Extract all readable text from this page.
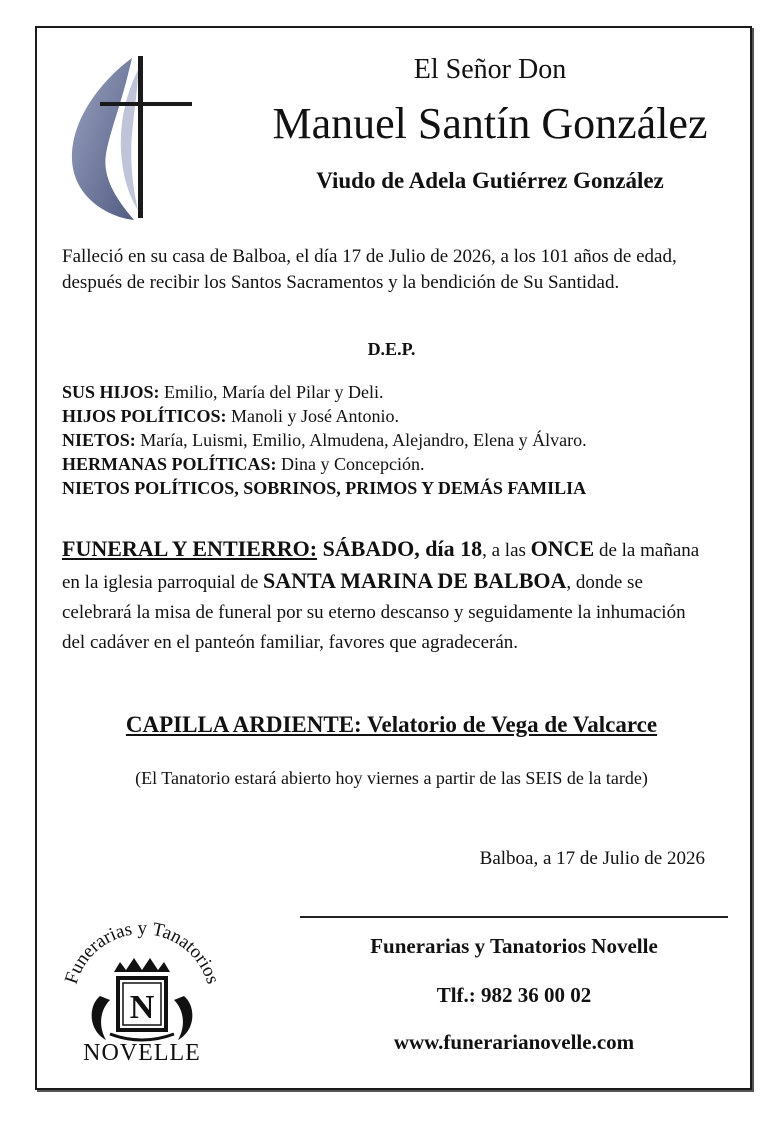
El Señor Don
Manuel Santín González
Viudo de Adela Gutiérrez González
Falleció en su casa de Balboa, el día 17 de Julio de 2026, a los 101 años de edad, después de recibir los Santos Sacramentos y la bendición de Su Santidad.
D.E.P.
SUS HIJOS: Emilio, María del Pilar y Deli.
HIJOS POLÍTICOS: Manoli y José Antonio.
NIETOS: María, Luismi, Emilio, Almudena, Alejandro, Elena y Álvaro.
HERMANAS POLÍTICAS: Dina y Concepción.
NIETOS POLÍTICOS, SOBRINOS, PRIMOS Y DEMÁS FAMILIA
FUNERAL Y ENTIERRO: SÁBADO, día 18, a las ONCE de la mañana en la iglesia parroquial de SANTA MARINA DE BALBOA, donde se celebrará la misa de funeral por su eterno descanso y seguidamente la inhumación del cadáver en el panteón familiar, favores que agradecerán.
CAPILLA ARDIENTE: Velatorio de Vega de Valcarce
(El Tanatorio estará abierto hoy viernes a partir de las SEIS de la tarde)
Balboa, a 17 de Julio de 2026
Funerarias y Tanatorios Novelle
Tlf.: 982 36 00 02
www.funerarianovelle.com
Funerarias y Tanatorios
N
NOVELLE
